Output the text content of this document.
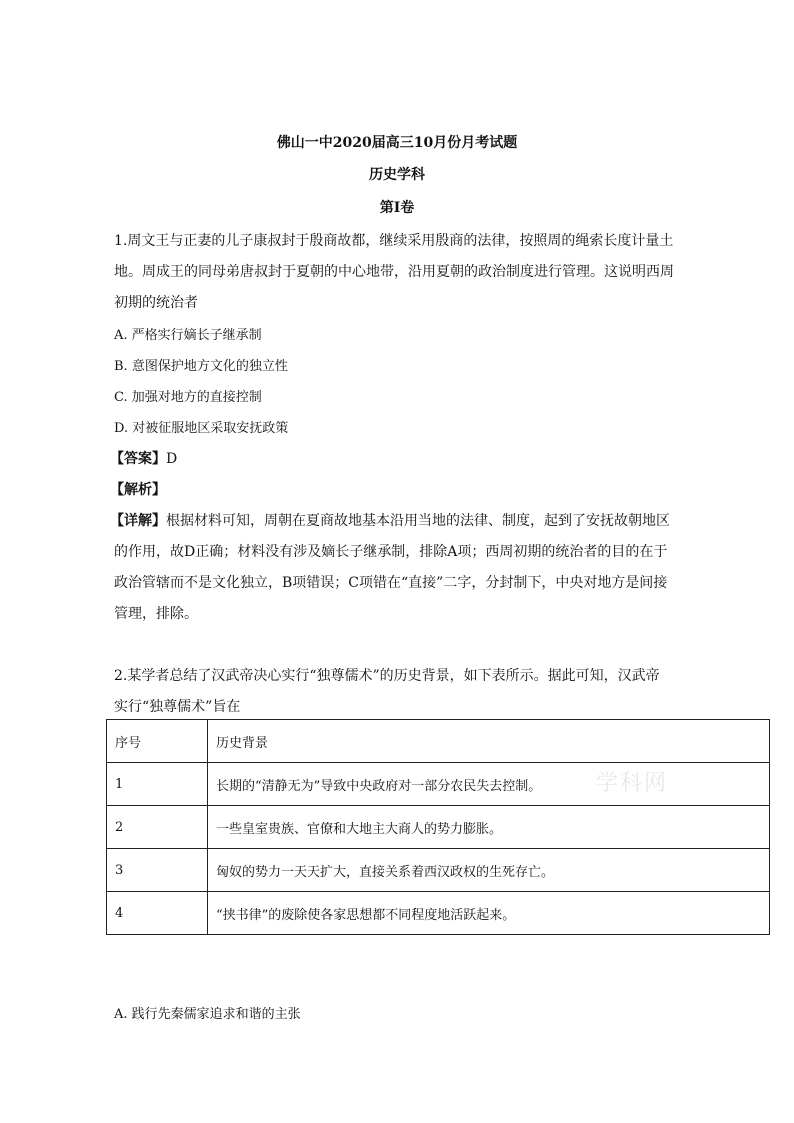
佛山一中2020届高三10月份月考试题
历史学科
第Ⅰ卷
1.周文王与正妻的儿子康叔封于殷商故都，继续采用殷商的法律，按照周的绳索长度计量土
地。周成王的同母弟唐叔封于夏朝的中心地带，沿用夏朝的政治制度进行管理。这说明西周
初期的统治者
A. 严格实行嫡长子继承制
B. 意图保护地方文化的独立性
C. 加强对地方的直接控制
D. 对被征服地区采取安抚政策
【答案】D
【解析】
【详解】根据材料可知，周朝在夏商故地基本沿用当地的法律、制度，起到了安抚故朝地区
的作用，故D正确；材料没有涉及嫡长子继承制，排除A项；西周初期的统治者的目的在于
政治管辖而不是文化独立，B项错误；C项错在“直接”二字，分封制下，中央对地方是间接
管理，排除。
2.某学者总结了汉武帝决心实行“独尊儒术”的历史背景，如下表所示。据此可知，汉武帝
实行“独尊儒术”旨在
序号	历史背景
1	长期的“清静无为”导致中央政府对一部分农民失去控制。
2	一些皇室贵族、官僚和大地主大商人的势力膨胀。
3	匈奴的势力一天天扩大，直接关系着西汉政权的生死存亡。
4	“挟书律”的废除使各家思想都不同程度地活跃起来。
学科网
A. 践行先秦儒家追求和谐的主张
